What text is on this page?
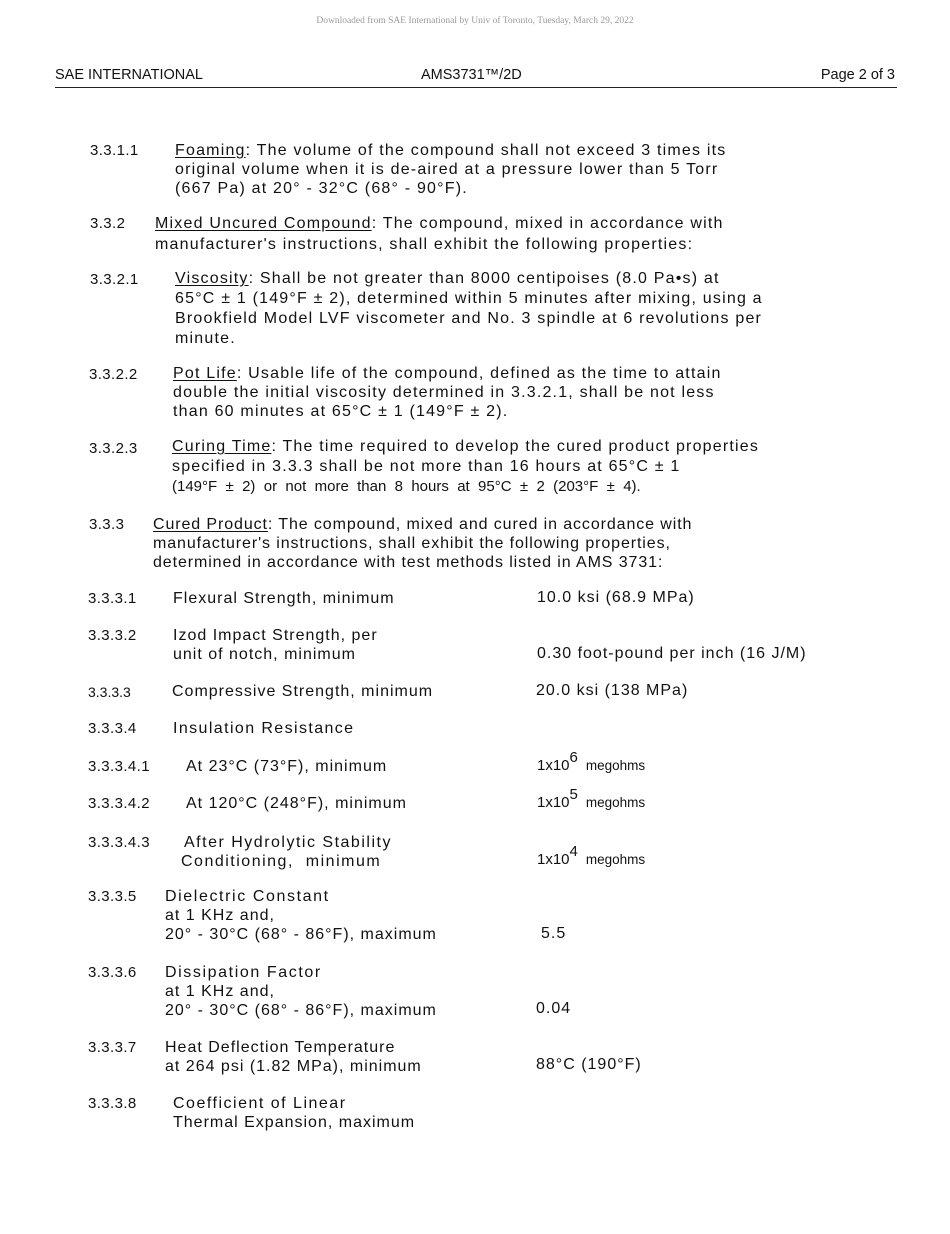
Downloaded from SAE International by Univ of Toronto, Tuesday, March 29, 2022
SAE INTERNATIONAL	AMS3731™/2D	Page 2 of 3
3.3.1.1 Foaming: The volume of the compound shall not exceed 3 times its
original volume when it is de-aired at a pressure lower than 5 Torr
(667 Pa) at 20° - 32°C (68° - 90°F).
3.3.2 Mixed Uncured Compound: The compound, mixed in accordance with
manufacturer's instructions, shall exhibit the following properties:
3.3.2.1 Viscosity: Shall be not greater than 8000 centipoises (8.0 Pa•s) at
65°C ± 1 (149°F ± 2), determined within 5 minutes after mixing, using a
Brookfield Model LVF viscometer and No. 3 spindle at 6 revolutions per
minute.
3.3.2.2 Pot Life: Usable life of the compound, defined as the time to attain
double the initial viscosity determined in 3.3.2.1, shall be not less
than 60 minutes at 65°C ± 1 (149°F ± 2).
3.3.2.3 Curing Time: The time required to develop the cured product properties
specified in 3.3.3 shall be not more than 16 hours at 65°C ± 1
(149°F  ±  2)  or  not  more  than  8  hours  at  95°C  ±  2  (203°F  ±  4).
3.3.3 Cured Product: The compound, mixed and cured in accordance with
manufacturer's instructions, shall exhibit the following properties,
determined in accordance with test methods listed in AMS 3731:
3.3.3.1 Flexural Strength, minimum	10.0 ksi (68.9 MPa)
3.3.3.2 Izod Impact Strength, per
unit of notch, minimum	0.30 foot-pound per inch (16 J/M)
3.3.3.3	Compressive Strength, minimum	20.0 ksi (138 MPa)
3.3.3.4 Insulation Resistance
3.3.3.4.1 At 23°C (73°F), minimum	$1x10^6$ megohms
3.3.3.4.2 At 120°C (248°F), minimum	$1x10^5$ megohms
3.3.3.4.3 After Hydrolytic Stability
Conditioning,  minimum	$1x10^4$ megohms
3.3.3.5 Dielectric Constant
at 1 KHz and,
20° - 30°C (68° - 86°F), maximum	5.5
3.3.3.6 Dissipation Factor
at 1 KHz and,
20° - 30°C (68° - 86°F), maximum	0.04
3.3.3.7 Heat Deflection Temperature
at 264 psi (1.82 MPa), minimum	88°C (190°F)
3.3.3.8 Coefficient of Linear
Thermal Expansion, maximum
